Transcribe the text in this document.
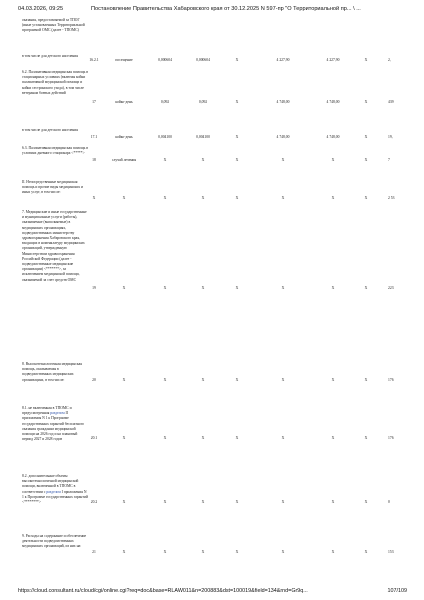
04.03.2026, 09:25	Постановление Правительства Хабаровского края от 30.12.2025 N 597-пр "О Территориальной пр... \ ...
оказания, предоставляемой за ТПОГ (иные установленных Территориальной программой ОМС (далее - ТПОМС)
в том числе для детского населения
16.2.1	посещение	0,000604	0,000604	X	4 227,90	4 227,90	X	2,
6.2. Паллиативная медицинская помощь в стационарных условиях (включая койки паллиативной медицинской помощи и койки сестринского ухода), в том числе ветеранам боевых действий
17	койко-день	0,092	0,092	X	4 748,00	4 748,00	X	439
в том числе для детского населения
17.1	койко-день	0,004100	0,004100	X	4 748,00	4 748,00	X	19,
6.3. Паллиативная медицинская помощь в условиях дневного стационара <*****>
18	случай лечения	X	X	X	X	X	X	7
II. Непосредственные медицинская помощь и прочие виды медицинских и иных услуг, в том числе:
X	X	X	X	X	X	X	X	2 53
7. Медицинские и иные государственные и муниципальные услуги (работы), оказываемые (выполняемые) в медицинских организациях, подведомственных министерству здравоохранения Хабаровского края, входящих в номенклатуру медицинских организаций, утвержденную Министерством здравоохранения Российской Федерации (далее - подведомственные медицинские организации) <*******>, за исключением медицинской помощи, оказываемой за счет средств ОМС
19	X	X	X	X	X	X	X	223
8. Высокотехнологичная медицинская помощь, оказываемая в подведомственных медицинских организациях, в том числе:	20	X	X	X	X	X	X	X	176
8.1. не включенная в ТПОМС и предусмотренная разделом II приложения N 1 к Программе государственных гарантий бесплатного оказания гражданам медицинской помощи на 2026 год и на плановый период 2027 и 2028 годов	20.1	X	X	X	X	X	X	X	176
8.2. дополнительные объемы высокотехнологичной медицинской помощи, включенной в ТПОМС в соответствии с разделом I приложения N 1 к Программе государственных гарантий <********>	20.2	X	X	X	X	X	X	X	0
9. Расходы на содержание и обеспечение деятельности подведомственных медицинских организаций, из них на:
21	X	X	X	X	X	X	X	153
https://cloud.consultant.ru/cloud/cgi/online.cgi?req=doc&base=RLAW011&n=200883&dst=100019&field=134&rnd=Gr9q...	107/109
